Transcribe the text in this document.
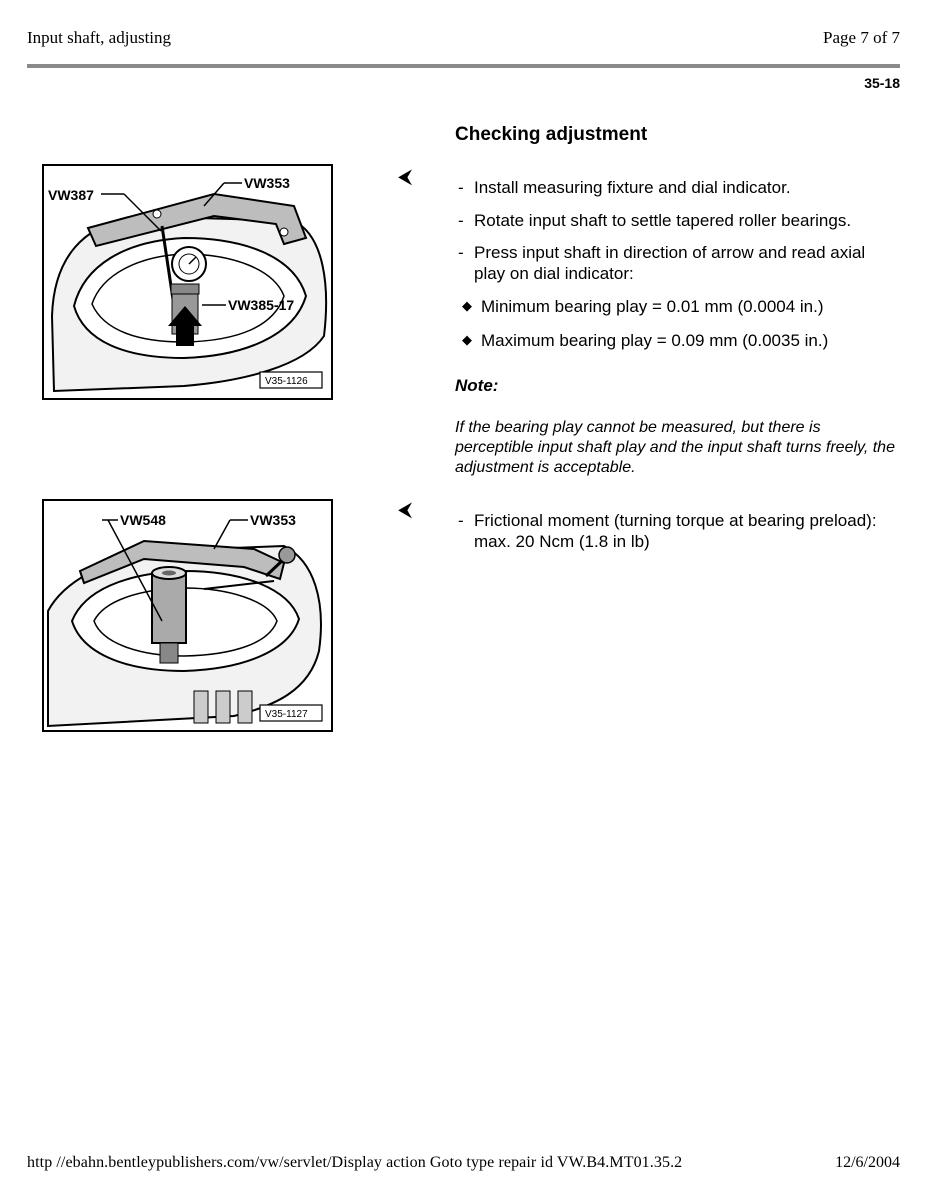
Input shaft, adjusting	Page 7 of 7
35-18
Checking adjustment
VW387
VW353
VW385-17
V35-1126
⮜	- Install measuring fixture and dial indicator.
- Rotate input shaft to settle tapered roller bearings.
- Press input shaft in direction of arrow and read axial play on dial indicator:
◆ Minimum bearing play = 0.01 mm (0.0004 in.)
◆ Maximum bearing play = 0.09 mm (0.0035 in.)
Note:
If the bearing play cannot be measured, but there is perceptible input shaft play and the input shaft turns freely, the adjustment is acceptable.
VW548	VW353
V35-1127
⮜	- Frictional moment (turning torque at bearing preload): max. 20 Ncm (1.8 in lb)
http //ebahn.bentleypublishers.com/vw/servlet/Display action Goto type repair id VW.B4.MT01.35.2	12/6/2004
